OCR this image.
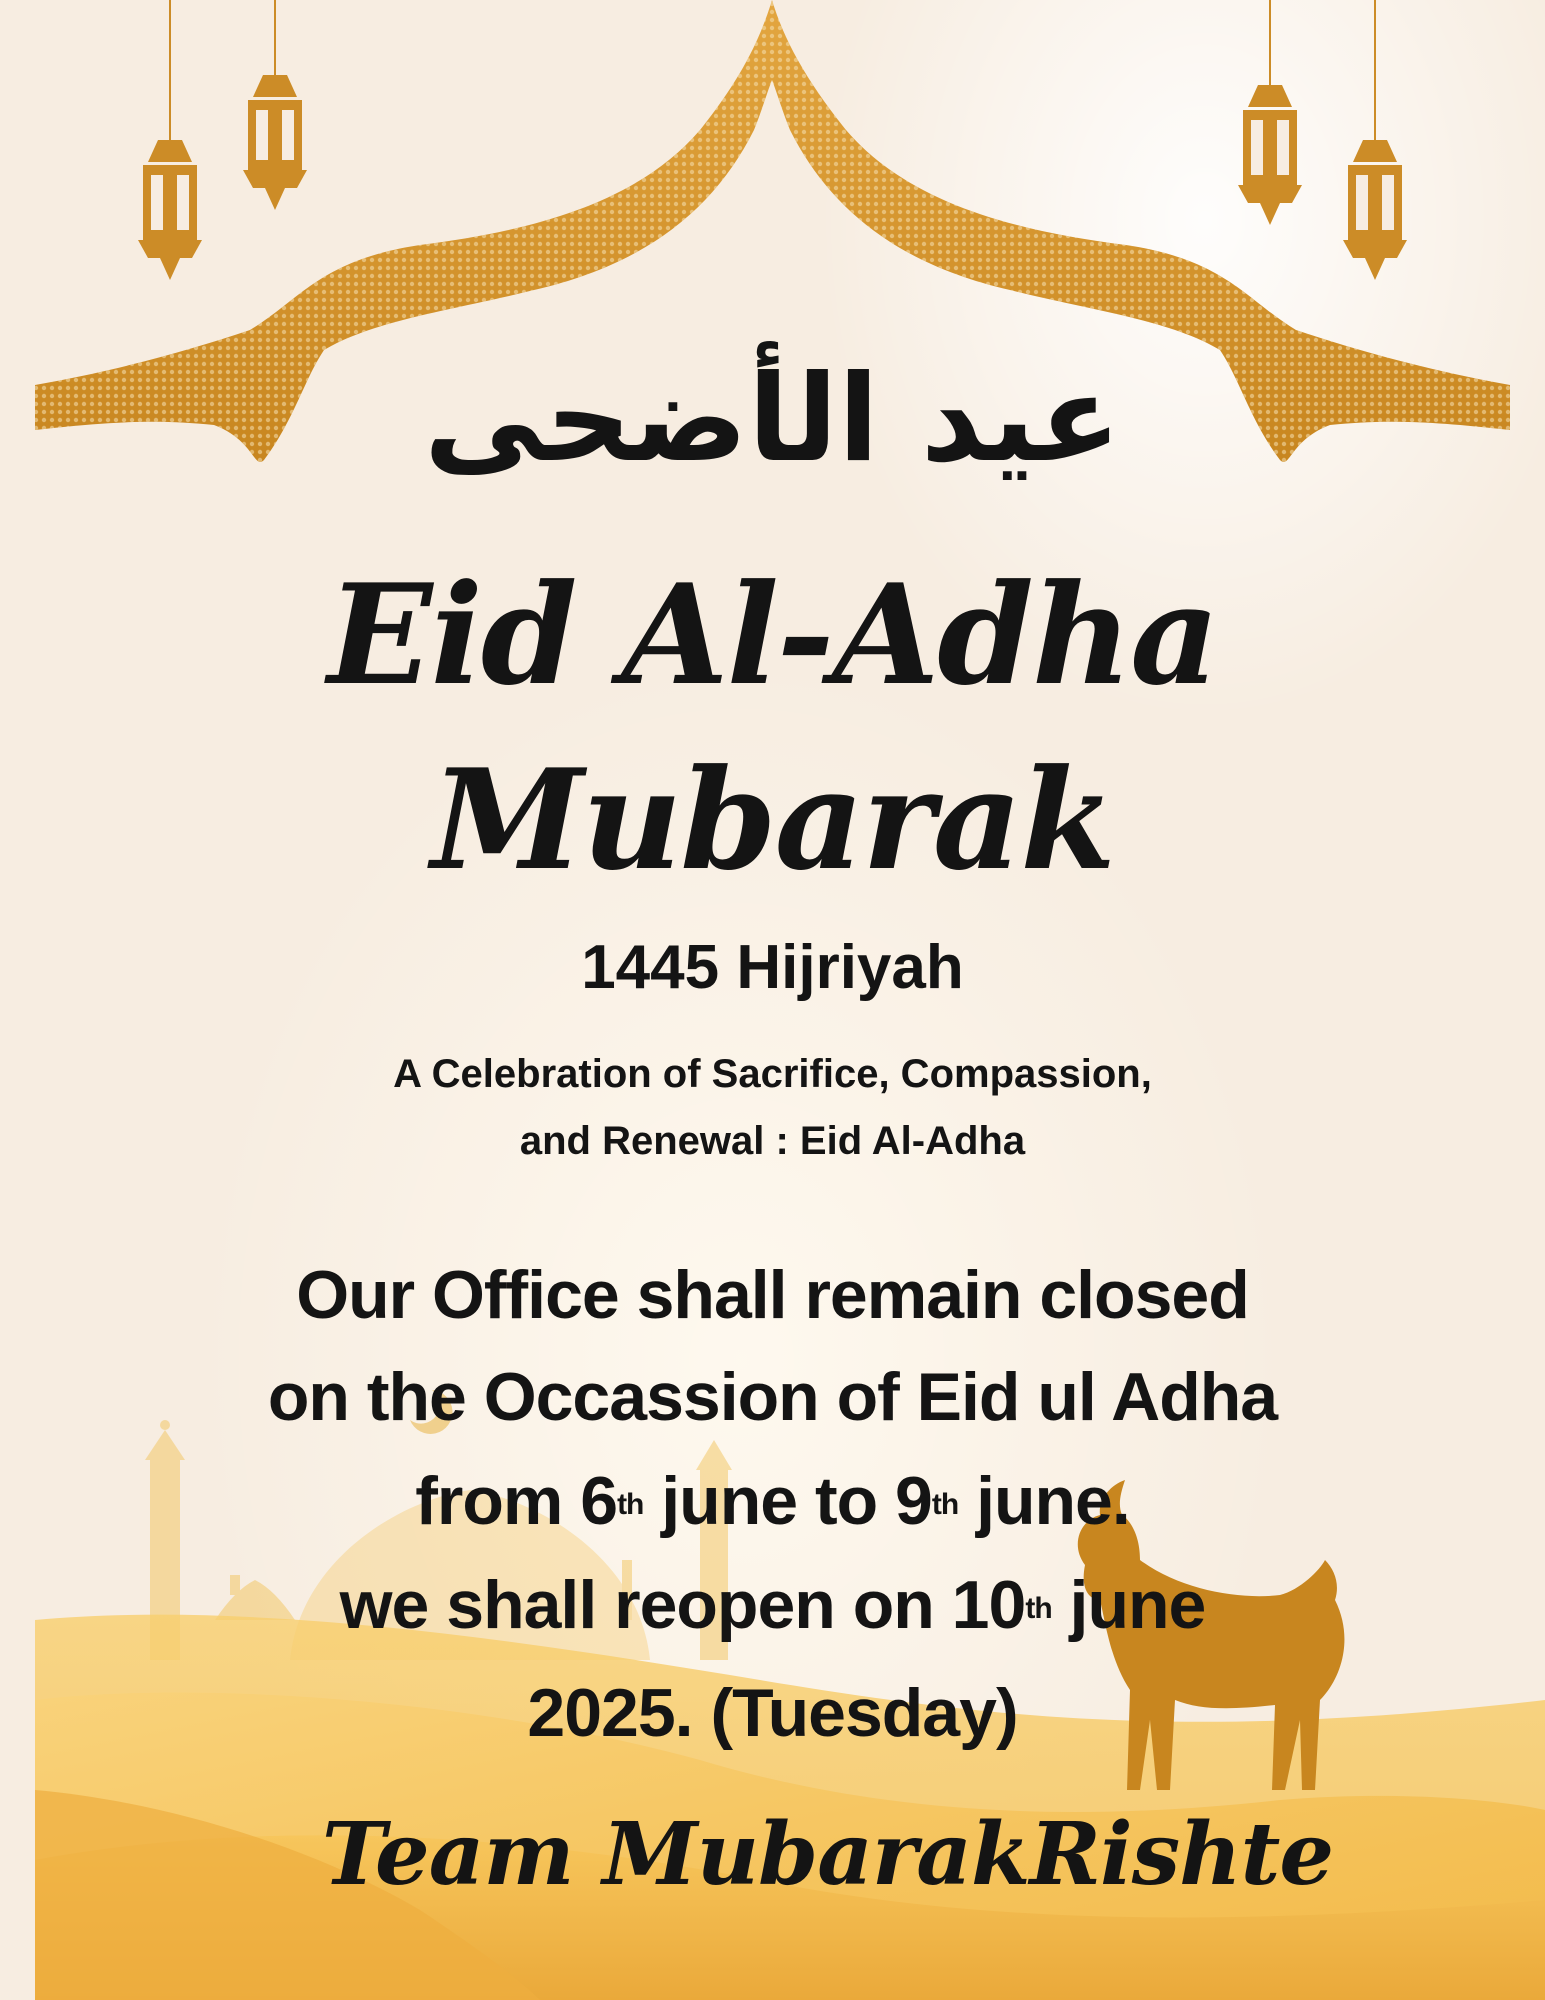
عيد الأضحى
Eid Al-Adha
Mubarak
1445 Hijriyah
A Celebration of Sacrifice, Compassion,
and Renewal : Eid Al-Adha
Our Office shall remain closed
on the Occassion of Eid ul Adha
from 6th june to 9th june.
we shall reopen on 10th june
2025. (Tuesday)
Team MubarakRishte
